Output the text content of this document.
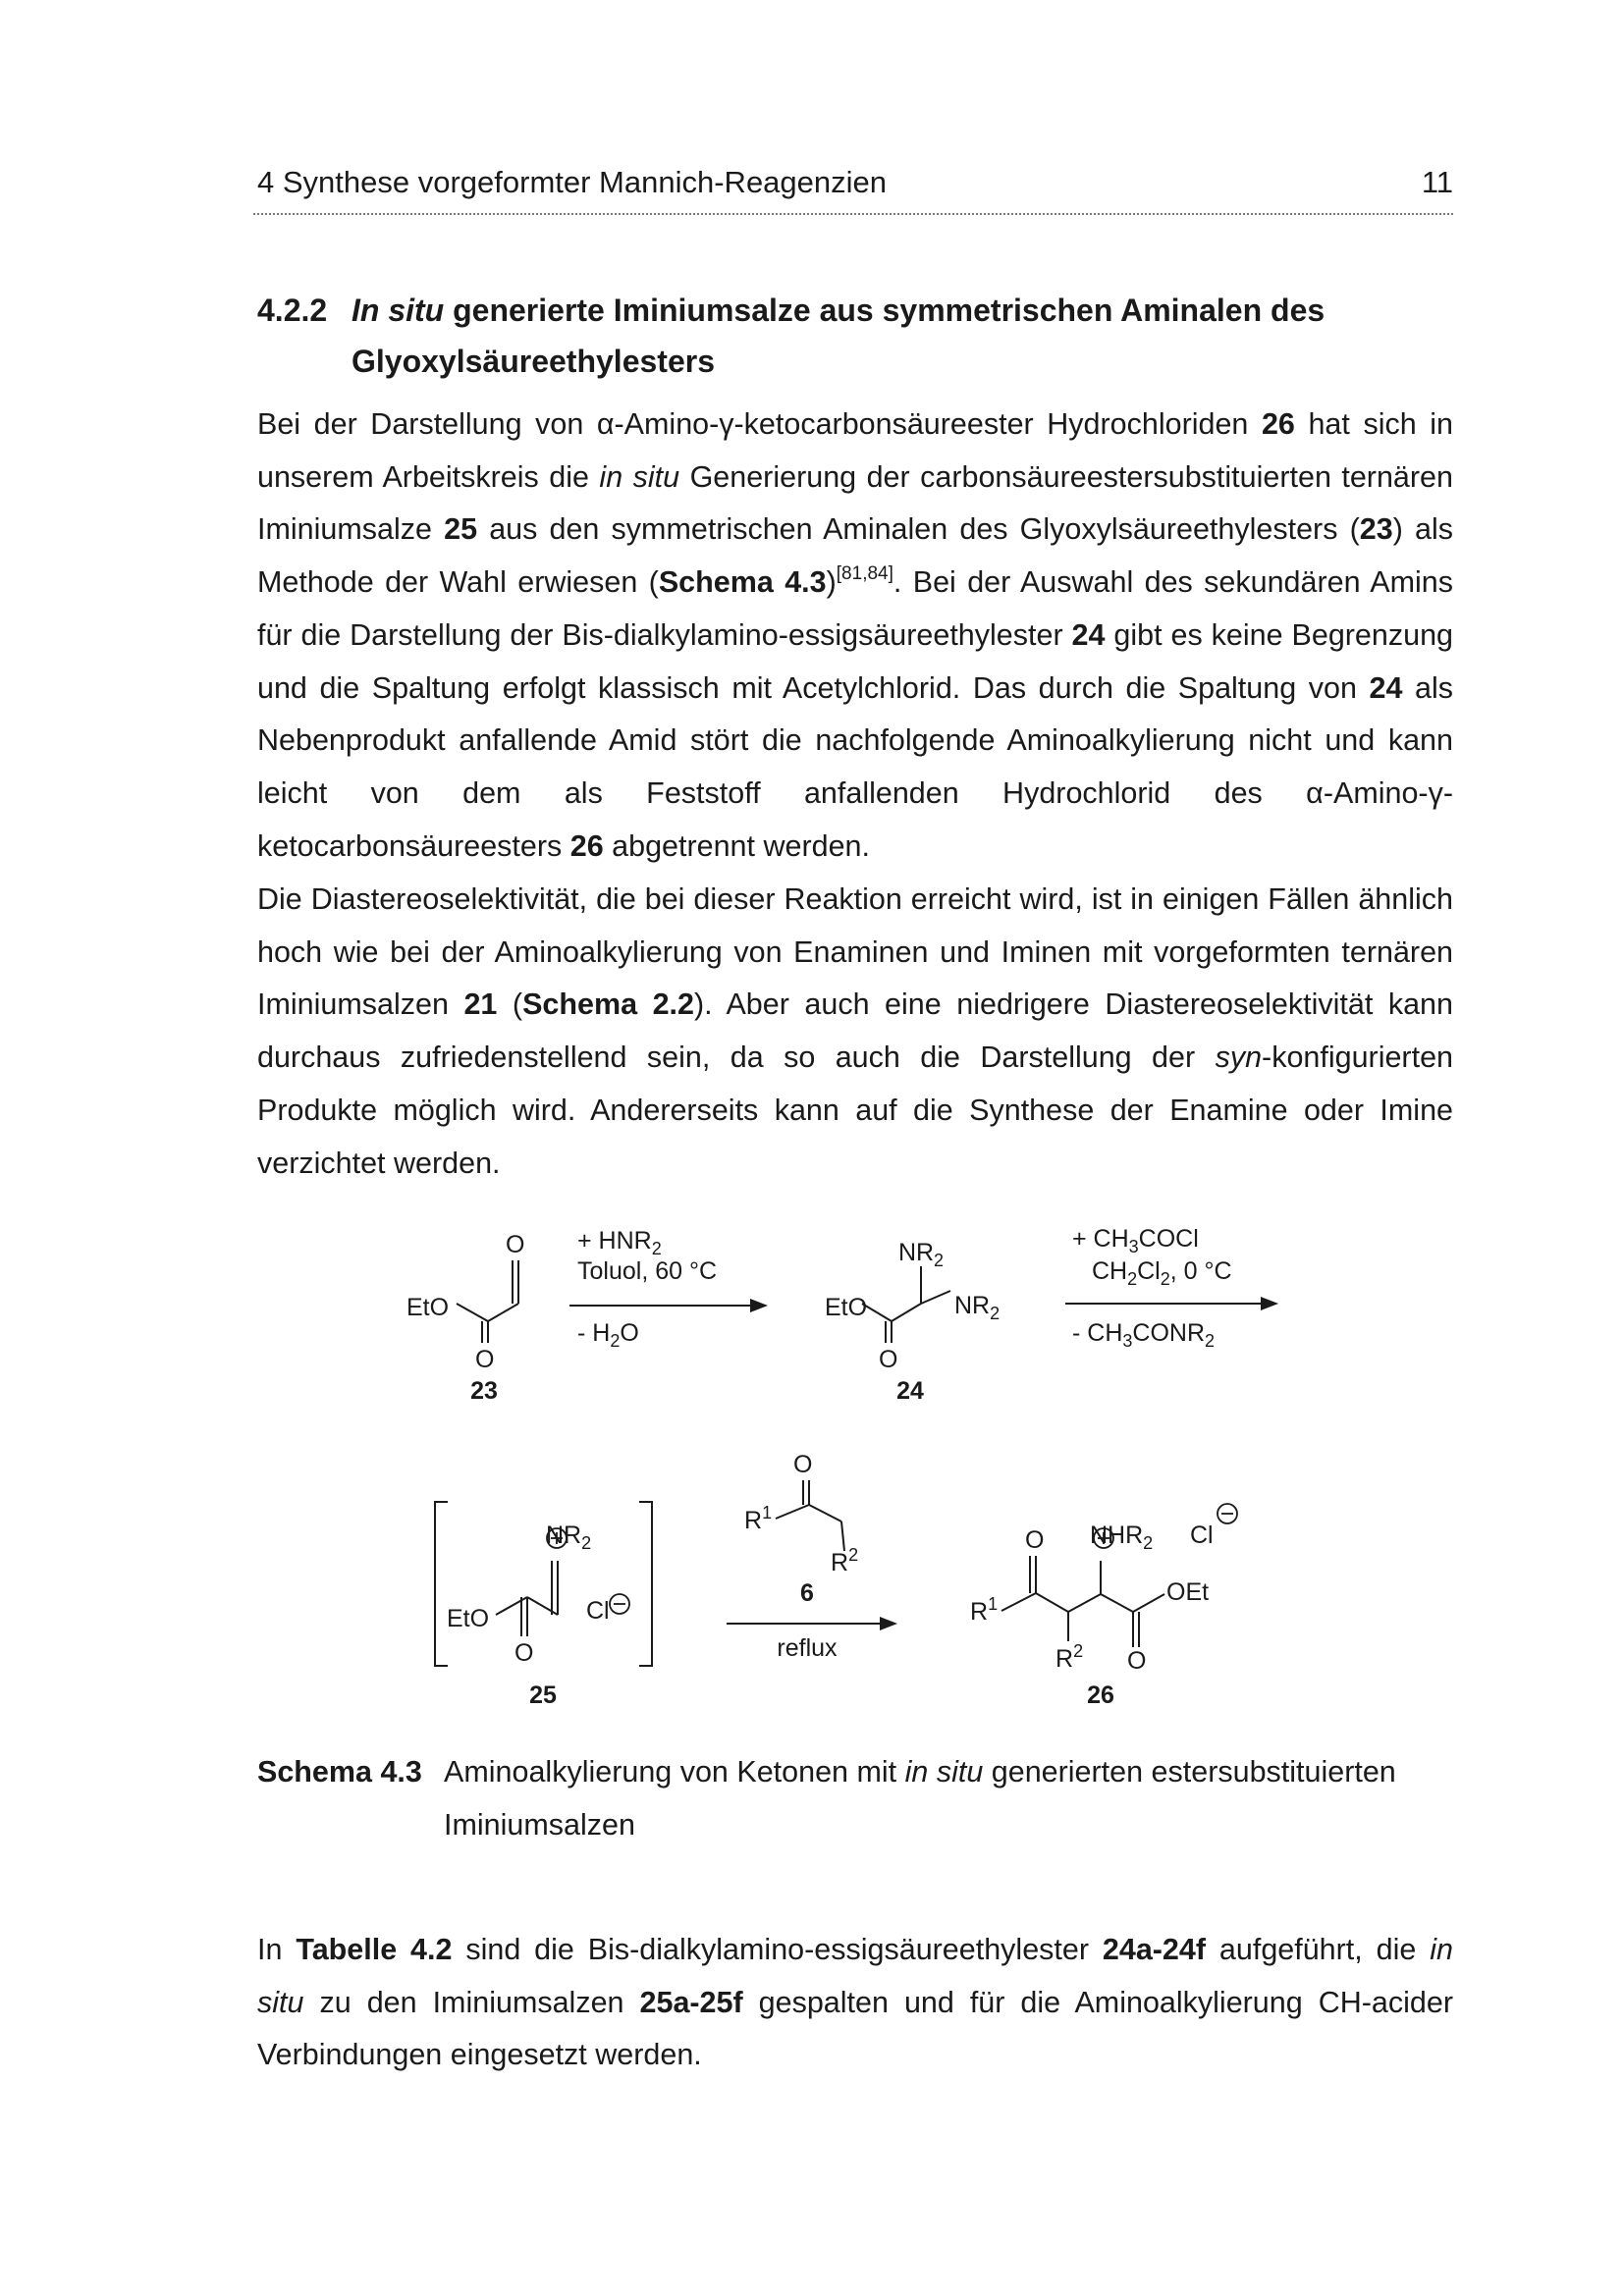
4 Synthese vorgeformter Mannich-Reagenzien	11
4.2.2 In situ generierte Iminiumsalze aus symmetrischen Aminalen des Glyoxylsäureethylesters

Bei der Darstellung von α-Amino-γ-ketocarbonsäureester Hydrochloriden 26 hat sich in unserem Arbeitskreis die in situ Generierung der carbonsäureestersubstituierten ternären Iminiumsalze 25 aus den symmetrischen Aminalen des Glyoxylsäureethylesters (23) als Methode der Wahl erwiesen (Schema 4.3)[81,84]. Bei der Auswahl des sekundären Amins für die Darstellung der Bis-dialkylamino-essigsäureethylester 24 gibt es keine Begrenzung und die Spaltung erfolgt klassisch mit Acetylchlorid. Das durch die Spaltung von 24 als Nebenprodukt anfallende Amid stört die nachfolgende Aminoalkylierung nicht und kann leicht von dem als Feststoff anfallenden Hydrochlorid des α-Amino-γ-ketocarbonsäureesters 26 abgetrennt werden.

Die Diastereoselektivität, die bei dieser Reaktion erreicht wird, ist in einigen Fällen ähnlich hoch wie bei der Aminoalkylierung von Enaminen und Iminen mit vorgeformten ternären Iminiumsalzen 21 (Schema 2.2). Aber auch eine niedrigere Diastereoselektivität kann durchaus zufriedenstellend sein, da so auch die Darstellung der syn-konfigurierten Produkte möglich wird. Andererseits kann auf die Synthese der Enamine oder Imine verzichtet werden.

EtO
O
O
+ $HNR_2$
Toluol, 60 °C
- $H_2O$
EtO
$NR_2$
$NR_2$
O
+ $CH_3COCl$
$CH_2Cl_2$, 0 °C
- $CH_3CONR_2$
23	24
EtO
$NR_2$
O
Cl
25
O
$R^1$
$R^2$
6
reflux
O $NHR_2$ Cl
$R^1$	OEt
$R^2$ O
26
Schema 4.3 Aminoalkylierung von Ketonen mit in situ generierten estersubstituierten Iminiumsalzen

In Tabelle 4.2 sind die Bis-dialkylamino-essigsäureethylester 24a-24f aufgeführt, die in situ zu den Iminiumsalzen 25a-25f gespalten und für die Aminoalkylierung CH-acider Verbindungen eingesetzt werden.
